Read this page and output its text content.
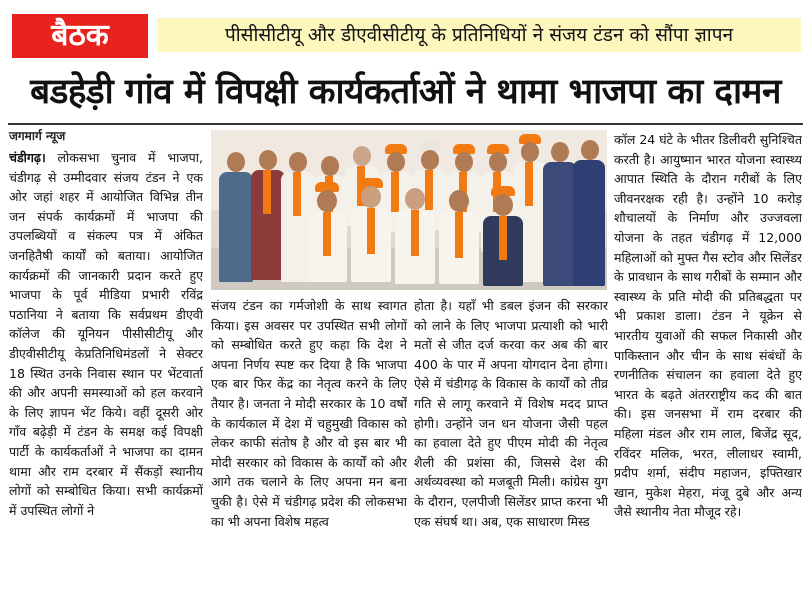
बैठक	पीसीसीटीयू और डीएवीसीटीयू के प्रतिनिधियों ने संजय टंडन को सौंपा ज्ञापन
बडहेड़ी गांव में विपक्षी कार्यकर्ताओं ने थामा भाजपा का दामन
जगमार्ग न्यूज
चंडीगढ़। लोकसभा चुनाव में भाजपा, चंडीगढ़ से उम्मीदवार संजय टंडन ने एक ओर जहां शहर में आयोजित विभिन्न तीन जन संपर्क कार्यक्रमों में भाजपा की उपलब्धियों व संकल्प पत्र में अंकित जनहितैषी कार्यों को बताया। आयोजित कार्यक्रमों की जानकारी प्रदान करते हुए भाजपा के पूर्व मीडिया प्रभारी रविंद्र पठानिया ने बताया कि सर्वप्रथम डीएवी कॉलेज की यूनियन पीसीसीटीयू और डीएवीसीटीयू केप्रतिनिधिमंडलों ने सेक्टर 18 स्थित उनके निवास स्थान पर भेंटवार्ता की और अपनी समस्याओं को हल करवाने के लिए ज्ञापन भेंट किये। वहीं दूसरी ओर गाँव बढ़ेड़ी में टंडन के समक्ष कई विपक्षी पार्टी के कार्यकर्ताओं ने भाजपा का दामन थामा और राम दरबार में सैंकड़ों स्थानीय लोगों को सम्बोधित किया। सभी कार्यक्रमों में उपस्थित लोगों ने
संजय टंडन का गर्मजोशी के साथ स्वागत किया। इस अवसर पर उपस्थित सभी लोगों को सम्बोधित करते हुए कहा कि देश ने अपना निर्णय स्पष्ट कर दिया है कि भाजपा एक बार फिर केंद्र का नेतृत्व करने के लिए तैयार है। जनता ने मोदी सरकार के 10 वर्षों के कार्यकाल में देश में चहुमुखी विकास को लेकर काफी संतोष है और वो इस बार भी मोदी सरकार को विकास के कार्यों को और आगे तक चलाने के लिए अपना मन बना चुकी है। ऐसे में चंडीगढ़ प्रदेश की लोकसभा का भी अपना विशेष महत्व
होता है। यहाँ भी डबल इंजन की सरकार को लाने के लिए भाजपा प्रत्याशी को भारी मतों से जीत दर्ज करवा कर अब की बार 400 के पार में अपना योगदान देना होगा। ऐसे में चंडीगढ़ के विकास के कार्यों को तीव्र गति से लागू करवाने में विशेष मदद प्राप्त होगी। उन्होंने जन धन योजना जैसी पहल का हवाला देते हुए पीएम मोदी की नेतृत्व शैली की प्रशंसा की, जिससे देश की अर्थव्यवस्था को मजबूती मिली। कांग्रेस युग के दौरान, एलपीजी सिलेंडर प्राप्त करना भी एक संघर्ष था। अब, एक साधारण मिस्ड
कॉल 24 घंटे के भीतर डिलीवरी सुनिश्चित करती है। आयुष्मान भारत योजना स्वास्थ्य आपात स्थिति के दौरान गरीबों के लिए जीवनरक्षक रही है। उन्होंने 10 करोड़ शौचालयों के निर्माण और उज्जवला योजना के तहत चंडीगढ़ में 12,000 महिलाओं को मुफ्त गैस स्टोव और सिलेंडर के प्रावधान के साथ गरीबों के सम्मान और स्वास्थ्य के प्रति मोदी की प्रतिबद्धता पर भी प्रकाश डाला। टंडन ने यूक्रेन से भारतीय युवाओं की सफल निकासी और पाकिस्तान और चीन के साथ संबंधों के रणनीतिक संचालन का हवाला देते हुए भारत के बढ़ते अंतरराष्ट्रीय कद की बात की। इस जनसभा में राम दरबार की महिला मंडल और राम लाल, बिजेंद्र सूद, रविंदर मलिक, भरत, लीलाधर स्वामी, प्रदीप शर्मा, संदीप महाजन, इफ्तिखार खान, मुकेश मेहरा, मंजू दुबे और अन्य जैसे स्थानीय नेता मौजूद रहे।
